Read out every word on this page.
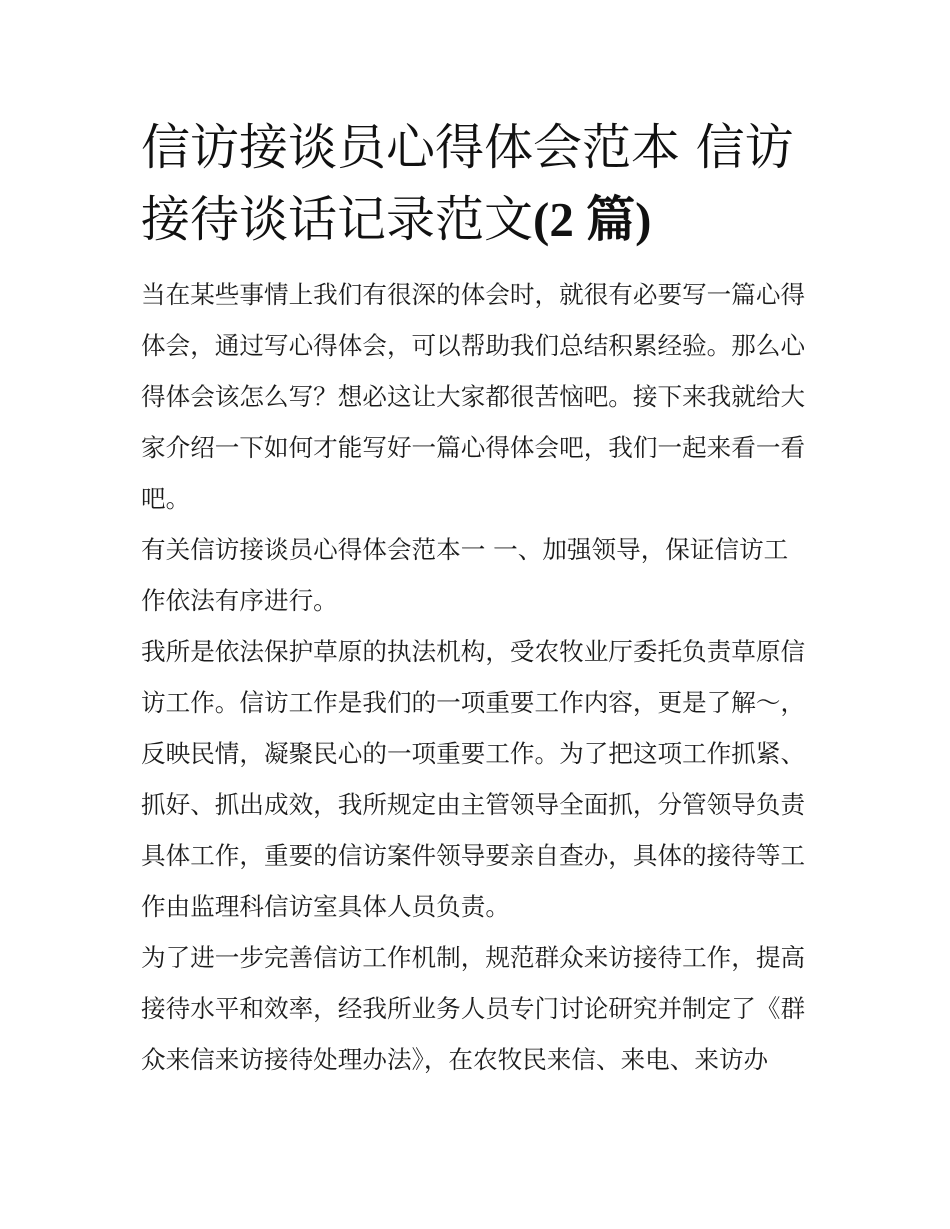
信访接谈员心得体会范本 信访
接待谈话记录范文(2 篇)

当在某些事情上我们有很深的体会时，就很有必要写一篇心得
体会，通过写心得体会，可以帮助我们总结积累经验。那么心
得体会该怎么写？想必这让大家都很苦恼吧。接下来我就给大
家介绍一下如何才能写好一篇心得体会吧，我们一起来看一看
吧。

有关信访接谈员心得体会范本一 一、加强领导，保证信访工
作依法有序进行。

我所是依法保护草原的执法机构，受农牧业厅委托负责草原信
访工作。信访工作是我们的一项重要工作内容，更是了解～，
反映民情，凝聚民心的一项重要工作。为了把这项工作抓紧、
抓好、抓出成效，我所规定由主管领导全面抓，分管领导负责
具体工作，重要的信访案件领导要亲自查办，具体的接待等工
作由监理科信访室具体人员负责。

为了进一步完善信访工作机制，规范群众来访接待工作，提高
接待水平和效率，经我所业务人员专门讨论研究并制定了《群
众来信来访接待处理办法》，在农牧民来信、来电、来访办
